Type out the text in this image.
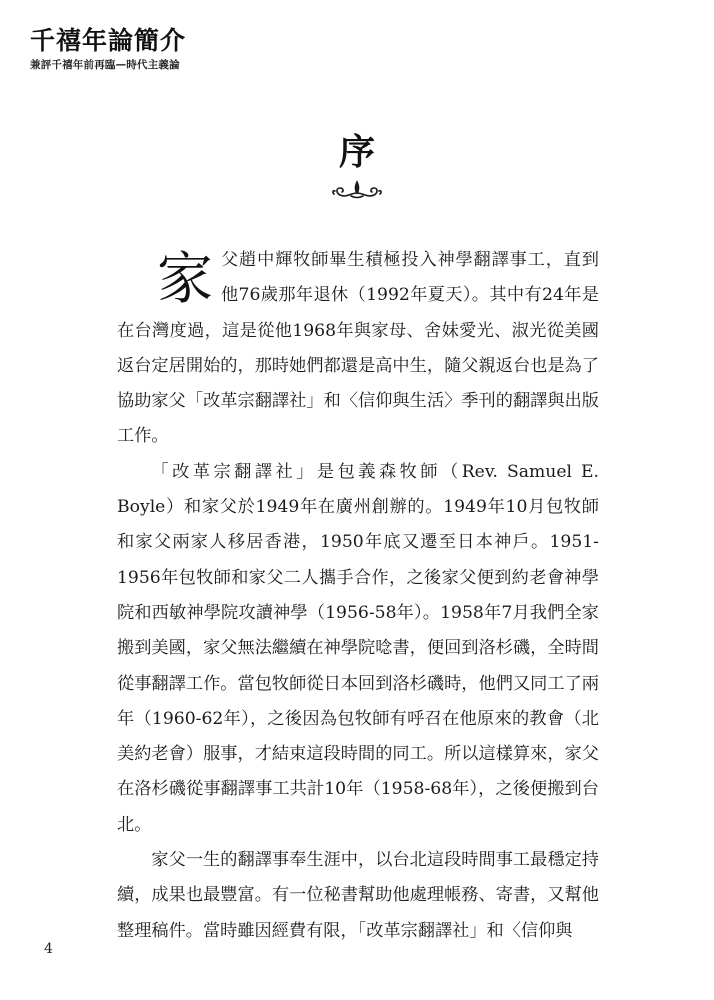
千禧年論簡介
兼評千禧年前再臨—時代主義論
序

家父趙中輝牧師畢生積極投入神學翻譯事工，直到他76歲那年退休（1992年夏天）。其中有24年是在台灣度過，這是從他1968年與家母、舍妹愛光、淑光從美國返台定居開始的，那時她們都還是高中生，隨父親返台也是為了協助家父「改革宗翻譯社」和〈信仰與生活〉季刊的翻譯與出版工作。

「改革宗翻譯社」是包義森牧師（Rev. Samuel E. Boyle）和家父於1949年在廣州創辦的。1949年10月包牧師和家父兩家人移居香港，1950年底又遷至日本神戶。1951-1956年包牧師和家父二人攜手合作，之後家父便到約老會神學院和西敏神學院攻讀神學（1956-58年）。1958年7月我們全家搬到美國，家父無法繼續在神學院唸書，便回到洛杉磯，全時間從事翻譯工作。當包牧師從日本回到洛杉磯時，他們又同工了兩年（1960-62年），之後因為包牧師有呼召在他原來的教會（北美約老會）服事，才結束這段時間的同工。所以這樣算來，家父在洛杉磯從事翻譯事工共計10年（1958-68年），之後便搬到台北。

家父一生的翻譯事奉生涯中，以台北這段時間事工最穩定持續，成果也最豐富。有一位秘書幫助他處理帳務、寄書，又幫他整理稿件。當時雖因經費有限，「改革宗翻譯社」和〈信仰與

4
